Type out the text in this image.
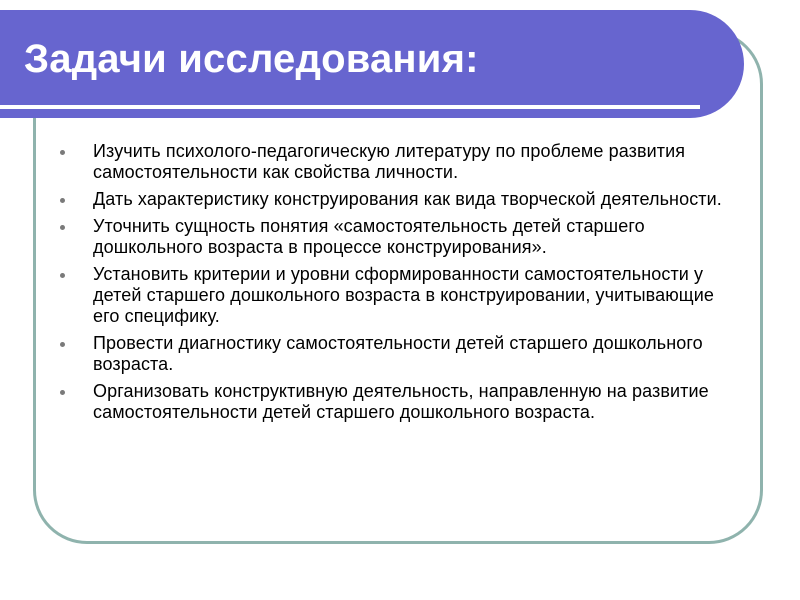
Задачи исследования:
Изучить психолого-педагогическую литературу по проблеме развития самостоятельности как свойства личности.
Дать характеристику конструирования как вида творческой деятельности.
Уточнить сущность понятия «самостоятельность детей старшего дошкольного возраста в процессе конструирования».
Установить критерии и уровни сформированности самостоятельности у детей старшего дошкольного возраста в конструировании, учитывающие его специфику.
Провести диагностику самостоятельности детей старшего дошкольного возраста.
Организовать конструктивную деятельность, направленную на развитие самостоятельности детей старшего дошкольного возраста.
